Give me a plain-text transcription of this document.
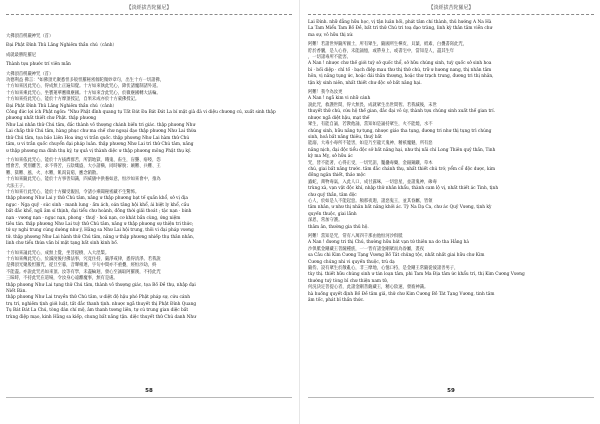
【淡經拔苦陀羅尼】

大佛頂首楞嚴神咒（首）

Đại Phật Đỉnh Thủ Lăng Nghiêm thần chú（cảnh）

成就最勝陀羅尼

Thành tựu phước trí viên mãn

大佛頂首楞嚴神咒（首）
功德利益 佛言："如佛頂光聚悉怛多般怛羅秘密伽陀微妙章句，出生十方一切諸佛，
十方如來因此咒心，得成無上正遍知覺。十方如來執此咒心，降伏諸魔制諸外道。
十方如來乘此咒心，坐寶蓮華應微塵國。十方如來含此咒心，於微塵國轉大法輪。
十方如來持此咒心，能於十方摩頂授記，自果未成亦於十方蒙佛授記。
Đại Phật Đỉnh Thủ Lăng Nghiêm thần chú（cảnh）
Công đức lợi ích Phật ngôn: "Như Phật đỉnh quang tụ Tất Đát Đa Bát Đát La bí mật già đà vi diệu chương cú, xuất sinh thập phương nhất thiết chư Phật. thập phương
Như Lai nhân thử Chú tâm, đắc thành vô thượng chánh biến tri giác. thập phương Như
Lai chấp thử Chú tâm, hàng phục chư ma chế chư ngoại đạo thập phương Như Lai thừa
thử Chú tâm, tọa bảo Liên Hoa ứng vi trần quốc. thập phương Như Lai hàm thử Chú
tâm, ư vi trần quốc chuyển đại pháp luân. thập phương Như Lai trì thử Chú tâm, năng
ư thập phương ma đính thụ ký, tự quả vị thành diệc ư thập phương mông Phật thụ ký.

十方如來依此咒心，能於十方拔濟群苦，所謂地獄、餓鬼、畜生，盲聾、瘖啞，怨
憎會苦，愛別離苦，求不得苦，五陰熾盛，大小諸橫，同時解脫；賊難、兵難、王
難、獄難、風、火、水難，飢渴貧窮，應念銷散。
十方如來隨此咒心，能於十方事善知識，四威儀中供養如意，恒沙如來會中，推為
大法王子。
十方如來行此咒心，能於十方攝受親因，令諸小乘聞秘密藏不生驚怖。
thập phương Như Lai y thử Chú tâm, năng ư thập phương bạt tế quần khổ, sở vị địa
ngục · Ngạ quỷ · súc sinh · manh lung · ấm ách, oán tăng hội khổ, ái biệt ly khổ, cầu
bất đắc khổ, ngũ âm sí thịnh, đại tiểu chư hoành, đồng thời giải thoát ; tặc nạn · binh
nạn · vương nạn · ngục nạn, phong · thuỷ · hoả nạn, cơ khát bần cùng, ứng niệm
tiêu tán. thập phương Như Lai tuỳ thử Chú tâm, năng ư thập phương sự thiện tri thức;
tứ uy nghi trung cúng dường như ý, Hằng sa Như Lai hội trung, thôi vi đại pháp vương
tử. thập phương Như Lai hành thử Chú tâm, năng ư thập phương nhiếp thụ thân nhân,
linh chư tiểu thừa văn bí mật tạng bất sinh kinh bố.

十方如來誦此咒心，成無上覺，坐菩提樹，入大涅槃。
十方如來傳此咒心，於滅度後付佛法事，究竟住持，嚴淨戒律，悉得清淨。若我說
是佛頂光聚般怛羅咒，從旦至暮，音聲相連，字句中間亦不重疊，經恒沙劫，終
不能盡。亦說此咒名如來頂。汝等有學，未盡輪迴，發心至誠取阿羅漢，不持此咒
三昧時，不持此咒在道場，令汝身心遠離魔事，無有是處。
thập phương Như Lai tụng thử Chú tâm, thành vô thượng giác, tọa Bồ Đề thụ, nhập đại
Niết Bàn.
thập phương Như Lai truyền thử Chú tâm, ư diệt độ hậu phó Phật pháp sự, cứu cánh
trụ trì, nghiêm tịnh giới luật, tất đắc thanh tịnh. nhược ngã thuyết thị Phật Đỉnh Quang
Tụ Bát Đát La Chú, tòng đán chí mộ, âm thanh tương liên, tự cú trung gian diệc bất
trùng điệp mạo, kinh Hằng sa kiếp, chung bất năng tận. diệc thuyết thử Chú danh Như

58
【淡經拔苦陀羅尼】

Lai Đính. nhữ đẳng hữu học, vị tận luân hồi, phát tâm chí thành, thủ hướng A Na Hà
La Tam Miểu Tam Bồ Đề, bất trì thử Chú tri toạ đạo tràng, linh kỳ thân tâm viễn chư
ma sự, vô hữu thị xứ.

阿難！若諸世界隨所國土，所有眾生，隨國所生樺皮、貝葉、紙素、白疊書寫此咒，
貯於香囊，是人心昏，未能誦憶，或帶身上，或書宅中，當知是人，盡其生年
，一切諸毒所不能害。
A Nan ! nhược chư thế giới tuỳ sở quốc thổ, sở hữu chúng sinh, tuỳ quốc sở sinh hoa
bì · bối diệp · chỉ tố · bạch điệp mau thư thị thử chú, trữ ư hương nang, thị nhân tâm
hôn, vị năng tụng ức, hoặc đái thân thượng, hoặc thư trạch trung, đương tri thị nhân,
tận kỳ sinh niên, nhất thiết chư độc sở bất năng hại.

阿難！我今為汝更
A Nan ! ngã kim vi nhữ cánh
說此咒，救護世間，得大無畏，成就眾生出世間智。若我滅後，末世
thuyết thử chú, cứu hộ thế gian, đắc đại vô úy, thành tựu chúng sinh xuất thế gian trí.
nhược ngã diệt hậu, mạt thế
眾生，有能自誦，若教他誦，當知如是誦持眾生，火不能燒，水不
chúng sinh, hữu năng tự tụng, nhược giáo tha tụng, đương tri như thị tụng trì chúng
sinh, hoả bất năng thiêu, thuỷ bất
能溺，大毒小毒所不能害，如是乃至龍天鬼神、精祇魔魅，所有惡
năng nịch, đại độc tiểu độc sở bất năng hại, như thị nãi chí Long Thiên quỷ thần, Tinh
kỳ ma Mỵ, sở hữu ác
咒，皆不能著，心得正受，一切咒詛，魘蠱毒藥，金銀銅鐵，草木
chú, giai bất năng trước. tâm đắc chánh thụ, nhất thiết chú trớ, yểm cổ độc dược, kim
đồng ngân thiết, thảo mộc
蟲蛇，萬物毒氣，入此人口，成甘露味，一切惡星，並諸鬼神，磣毒
trùng xà, vạn vật độc khí, nhập thử nhân khẩu, thành cam lộ vị, nhất thiết ác Tinh, tịnh
chư quỷ thần, tâm độc
心人，於如是人不能起惡。頻那夜迦，諸惡鬼王，並其眷屬，皆領
tâm nhân, ư như thị nhân bất năng khởi ác. Tỳ Na Dạ Ca, chư ác Quỷ Vương, tịnh kỳ
quyến thuộc, giai lãnh
深恩，常加守護。
thâm ân, thường gia thủ hộ.

阿難！當知是咒，常有八萬四千那由他恒河沙俱胝
A Nan ! đương tri thị Chú, thường hữu bát vạn tứ thiên na do tha Hằng hà
沙俱胝金剛藏王菩薩種族，一一皆有諸金剛眾而為眷屬，晝夜
sa Câu chi Kim Cương Tạng Vương Bồ Tát chủng tộc, nhất nhất giai hữu chư Kim
Cương chúng nhi vi quyến thuộc, trú dạ
隨侍。設有眾生於散亂心，非三摩地，心憶口持，是金剛王常隨從彼諸善男子，
tùy thị. thiết hữu chúng sinh ư tán loạn tâm, phi Tam Ma Địa tâm ức khẩu trì, thị Kim Cương Vương
thường tuỳ tòng bỉ chư thiện nam tử,
何況決定菩提心者，此諸金剛菩薩藏王，精心陰速，發彼神識。
hà huống quyết định Bồ Đề tâm giả, thử chư Kim Cương Bồ Tát Tạng Vương, tinh tâm
âm tốc, phát bỉ thần thức.

59
